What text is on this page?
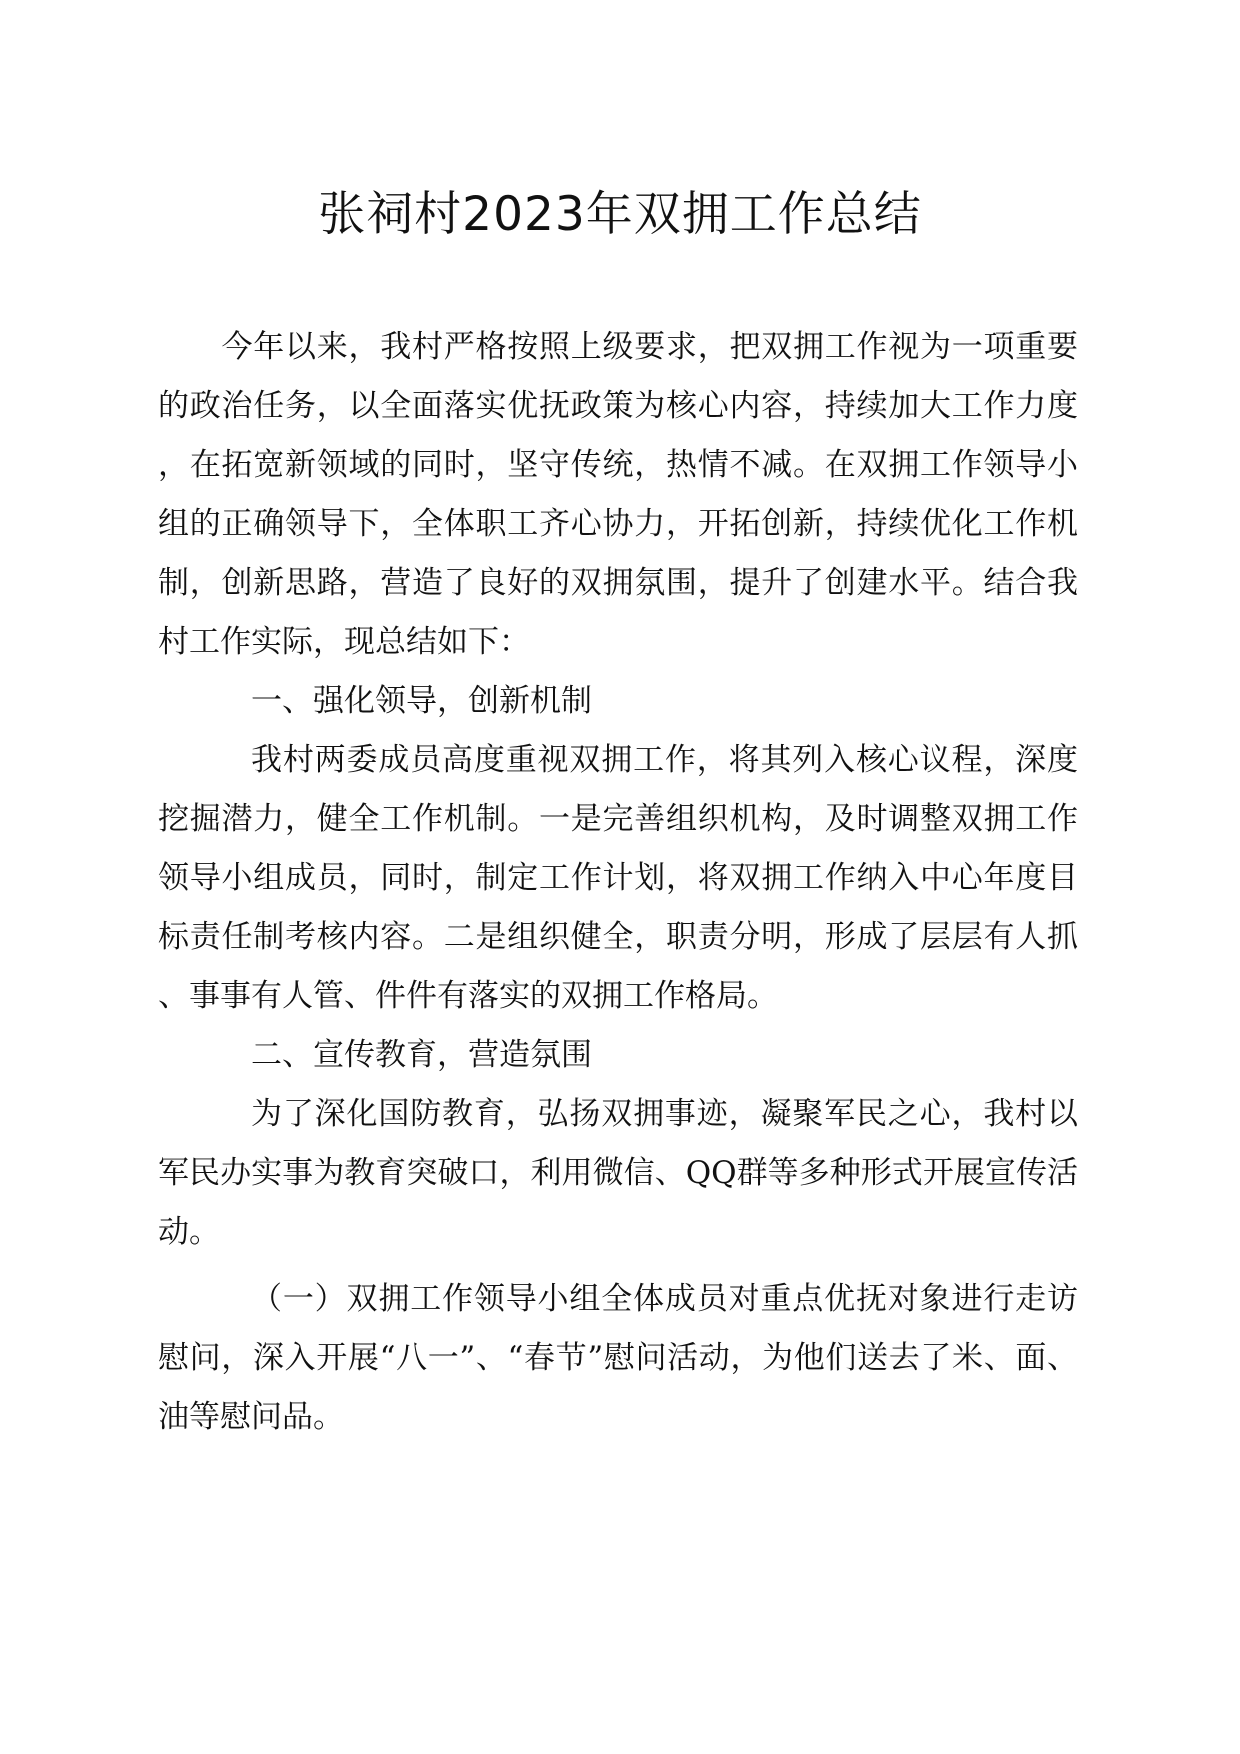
张祠村2023年双拥工作总结

今年以来，我村严格按照上级要求，把双拥工作视为一项重要的政治任务，以全面落实优抚政策为核心内容，持续加大工作力度，在拓宽新领域的同时，坚守传统，热情不减。在双拥工作领导小组的正确领导下，全体职工齐心协力，开拓创新，持续优化工作机制，创新思路，营造了良好的双拥氛围，提升了创建水平。结合我村工作实际，现总结如下：

一、强化领导，创新机制

我村两委成员高度重视双拥工作，将其列入核心议程，深度挖掘潜力，健全工作机制。一是完善组织机构，及时调整双拥工作领导小组成员，同时，制定工作计划，将双拥工作纳入中心年度目标责任制考核内容。二是组织健全，职责分明，形成了层层有人抓、事事有人管、件件有落实的双拥工作格局。

二、宣传教育，营造氛围

为了深化国防教育，弘扬双拥事迹，凝聚军民之心，我村以军民办实事为教育突破口，利用微信、QQ群等多种形式开展宣传活动。

（一）双拥工作领导小组全体成员对重点优抚对象进行走访慰问，深入开展“八一”、“春节”慰问活动，为他们送去了米、面、油等慰问品。
